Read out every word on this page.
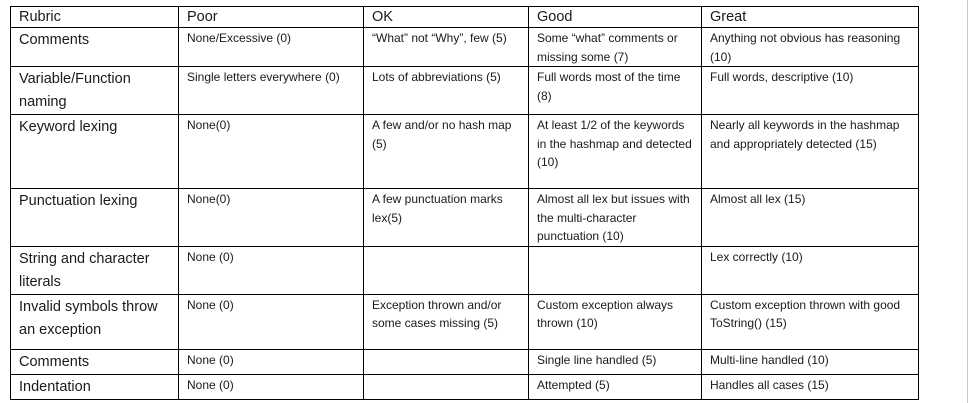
Rubric	Poor	OK	Good	Great
Comments	None/Excessive (0)	“What” not “Why”, few (5)	Some “what” comments or missing some (7)	Anything not obvious has reasoning (10)
Variable/Function naming	Single letters everywhere (0)	Lots of abbreviations (5)	Full words most of the time (8)	Full words, descriptive (10)
Keyword lexing	None(0)	A few and/or no hash map (5)	At least 1/2 of the keywords in the hashmap and detected (10)	Nearly all keywords in the hashmap and appropriately detected (15)
Punctuation lexing	None(0)	A few punctuation marks lex(5)	Almost all lex but issues with the multi-character punctuation (10)	Almost all lex (15)
String and character literals	None (0)			Lex correctly (10)
Invalid symbols throw an exception	None (0)	Exception thrown and/or some cases missing (5)	Custom exception always thrown (10)	Custom exception thrown with good ToString() (15)
Comments	None (0)		Single line handled (5)	Multi-line handled (10)
Indentation	None (0)		Attempted (5)	Handles all cases (15)
